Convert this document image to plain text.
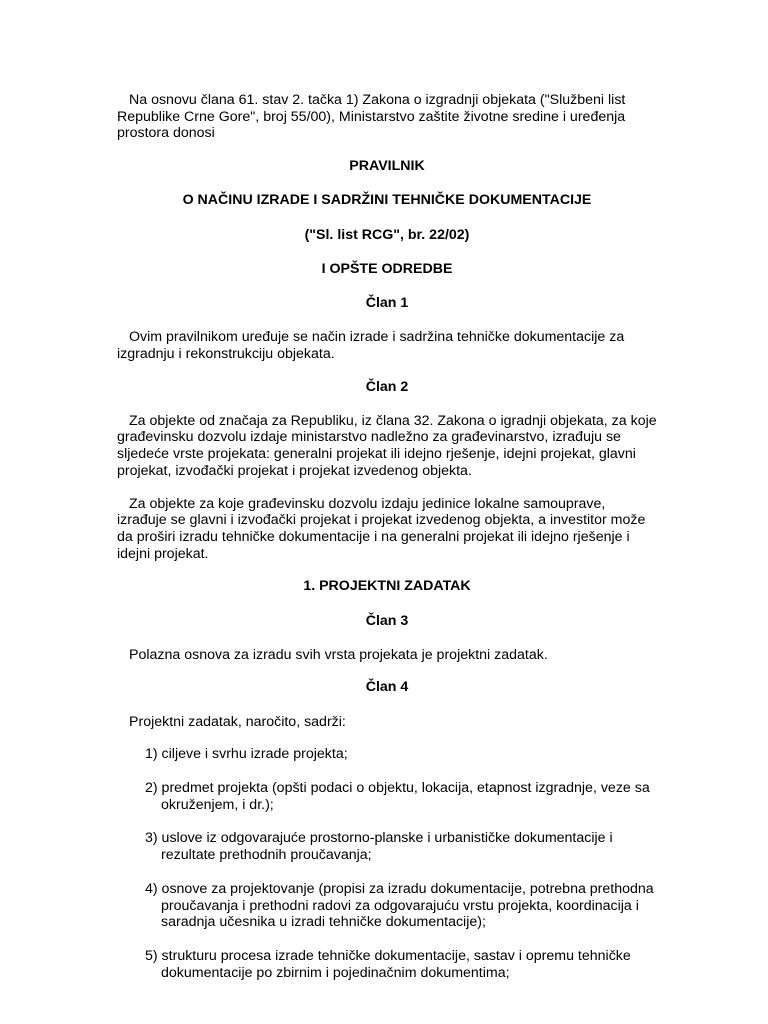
Na osnovu člana 61. stav 2. tačka 1) Zakona o izgradnji objekata ("Službeni list Republike Crne Gore", broj 55/00), Ministarstvo zaštite životne sredine i uređenja prostora donosi

PRAVILNIK

O NAČINU IZRADE I SADRŽINI TEHNIČKE DOKUMENTACIJE

("Sl. list RCG", br. 22/02)

I OPŠTE ODREDBE

Član 1

Ovim pravilnikom uređuje se način izrade i sadržina tehničke dokumentacije za izgradnju i rekonstrukciju objekata.

Član 2

Za objekte od značaja za Republiku, iz člana 32. Zakona o igradnji objekata, za koje građevinsku dozvolu izdaje ministarstvo nadležno za građevinarstvo, izrađuju se sljedeće vrste projekata: generalni projekat ili idejno rješenje, idejni projekat, glavni projekat, izvođački projekat i projekat izvedenog objekta.

Za objekte za koje građevinsku dozvolu izdaju jedinice lokalne samouprave, izrađuje se glavni i izvođački projekat i projekat izvedenog objekta, a investitor može da proširi izradu tehničke dokumentacije i na generalni projekat ili idejno rješenje i idejni projekat.

1. PROJEKTNI ZADATAK

Član 3

Polazna osnova za izradu svih vrsta projekata je projektni zadatak.

Član 4

Projektni zadatak, naročito, sadrži:

1) ciljeve i svrhu izrade projekta;

2) predmet projekta (opšti podaci o objektu, lokacija, etapnost izgradnje, veze sa okruženjem, i dr.);

3) uslove iz odgovarajuće prostorno-planske i urbanističke dokumentacije i rezultate prethodnih proučavanja;

4) osnove za projektovanje (propisi za izradu dokumentacije, potrebna prethodna proučavanja i prethodni radovi za odgovarajuću vrstu projekta, koordinacija i saradnja učesnika u izradi tehničke dokumentacije);

5) strukturu procesa izrade tehničke dokumentacije, sastav i opremu tehničke dokumentacije po zbirnim i pojedinačnim dokumentima;
